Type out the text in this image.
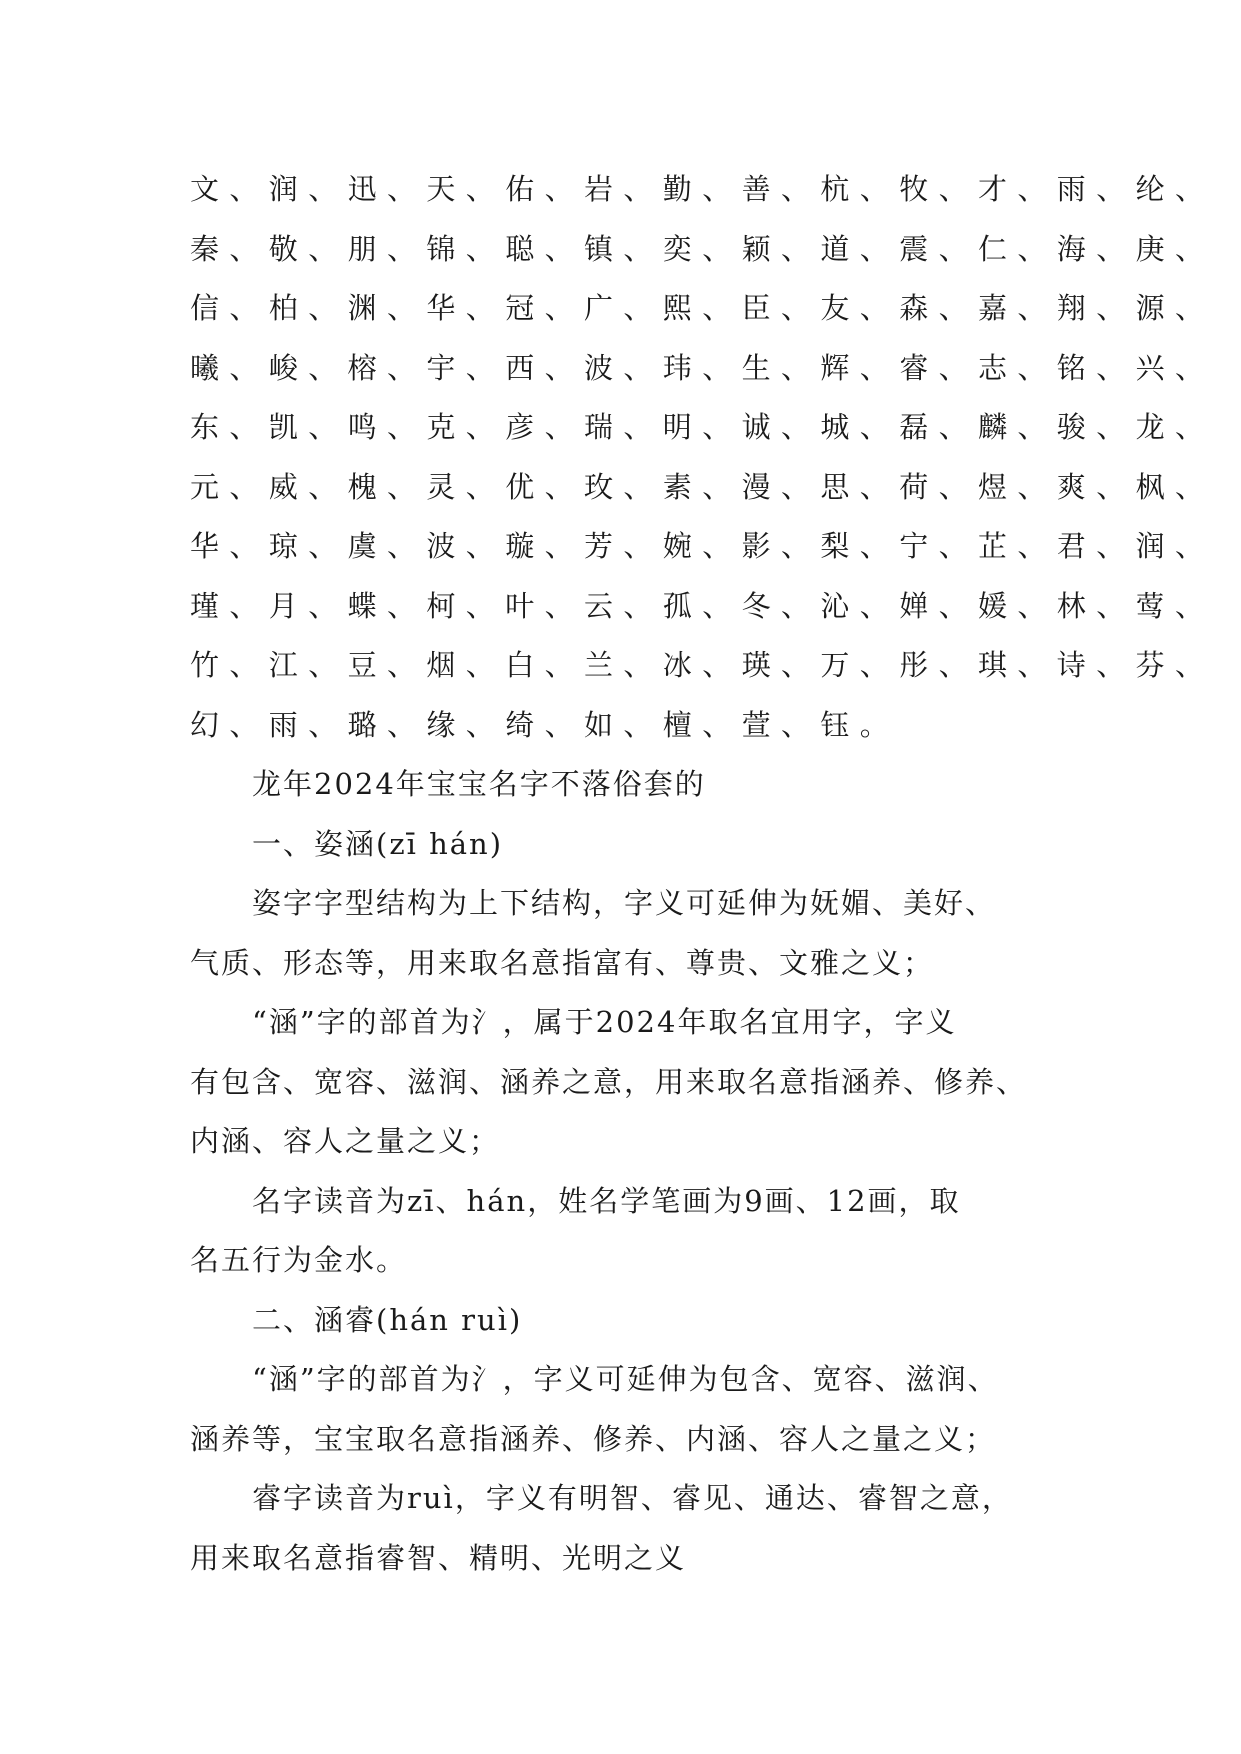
文、润、迅、天、佑、岩、勤、善、杭、牧、才、雨、纶、
秦、敬、朋、锦、聪、镇、奕、颖、道、震、仁、海、庚、
信、柏、渊、华、冠、广、熙、臣、友、森、嘉、翔、源、
曦、峻、榕、宇、西、波、玮、生、辉、睿、志、铭、兴、
东、凯、鸣、克、彦、瑞、明、诚、城、磊、麟、骏、龙、
元、威、槐、灵、优、玫、素、漫、思、荷、煜、爽、枫、
华、琼、虞、波、璇、芳、婉、影、梨、宁、芷、君、润、
瑾、月、蝶、柯、叶、云、孤、冬、沁、婵、媛、林、莺、
竹、江、豆、烟、白、兰、冰、瑛、万、彤、琪、诗、芬、
幻、雨、璐、缘、绮、如、檀、萱、钰。
龙年2024年宝宝名字不落俗套的
一、姿涵(zī hán)
姿字字型结构为上下结构，字义可延伸为妩媚、美好、
气质、形态等，用来取名意指富有、尊贵、文雅之义；
“涵”字的部首为氵，属于2024年取名宜用字，字义
有包含、宽容、滋润、涵养之意，用来取名意指涵养、修养、
内涵、容人之量之义；
名字读音为zī、hán，姓名学笔画为9画、12画，取
名五行为金水。
二、涵睿(hán ruì)
“涵”字的部首为氵，字义可延伸为包含、宽容、滋润、
涵养等，宝宝取名意指涵养、修养、内涵、容人之量之义；
睿字读音为ruì，字义有明智、睿见、通达、睿智之意，
用来取名意指睿智、精明、光明之义
